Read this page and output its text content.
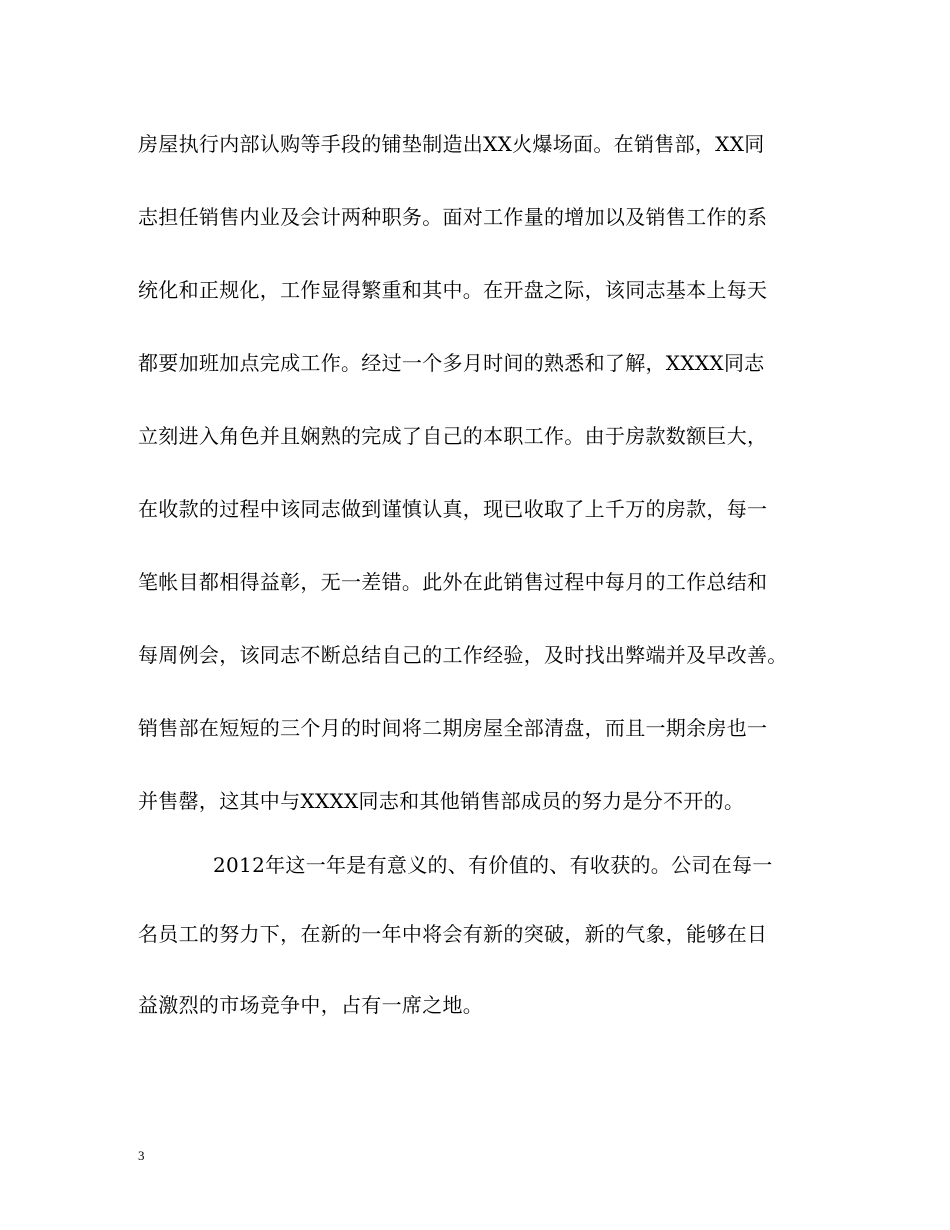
房屋执行内部认购等手段的铺垫制造出XX火爆场面。在销售部，XX同
志担任销售内业及会计两种职务。面对工作量的增加以及销售工作的系
统化和正规化，工作显得繁重和其中。在开盘之际，该同志基本上每天
都要加班加点完成工作。经过一个多月时间的熟悉和了解，XXXX同志
立刻进入角色并且娴熟的完成了自己的本职工作。由于房款数额巨大，
在收款的过程中该同志做到谨慎认真，现已收取了上千万的房款，每一
笔帐目都相得益彰，无一差错。此外在此销售过程中每月的工作总结和
每周例会，该同志不断总结自己的工作经验，及时找出弊端并及早改善。
销售部在短短的三个月的时间将二期房屋全部清盘，而且一期余房也一
并售罄，这其中与XXXX同志和其他销售部成员的努力是分不开的。
2012年这一年是有意义的、有价值的、有收获的。公司在每一
名员工的努力下，在新的一年中将会有新的突破，新的气象，能够在日
益激烈的市场竞争中，占有一席之地。
3
